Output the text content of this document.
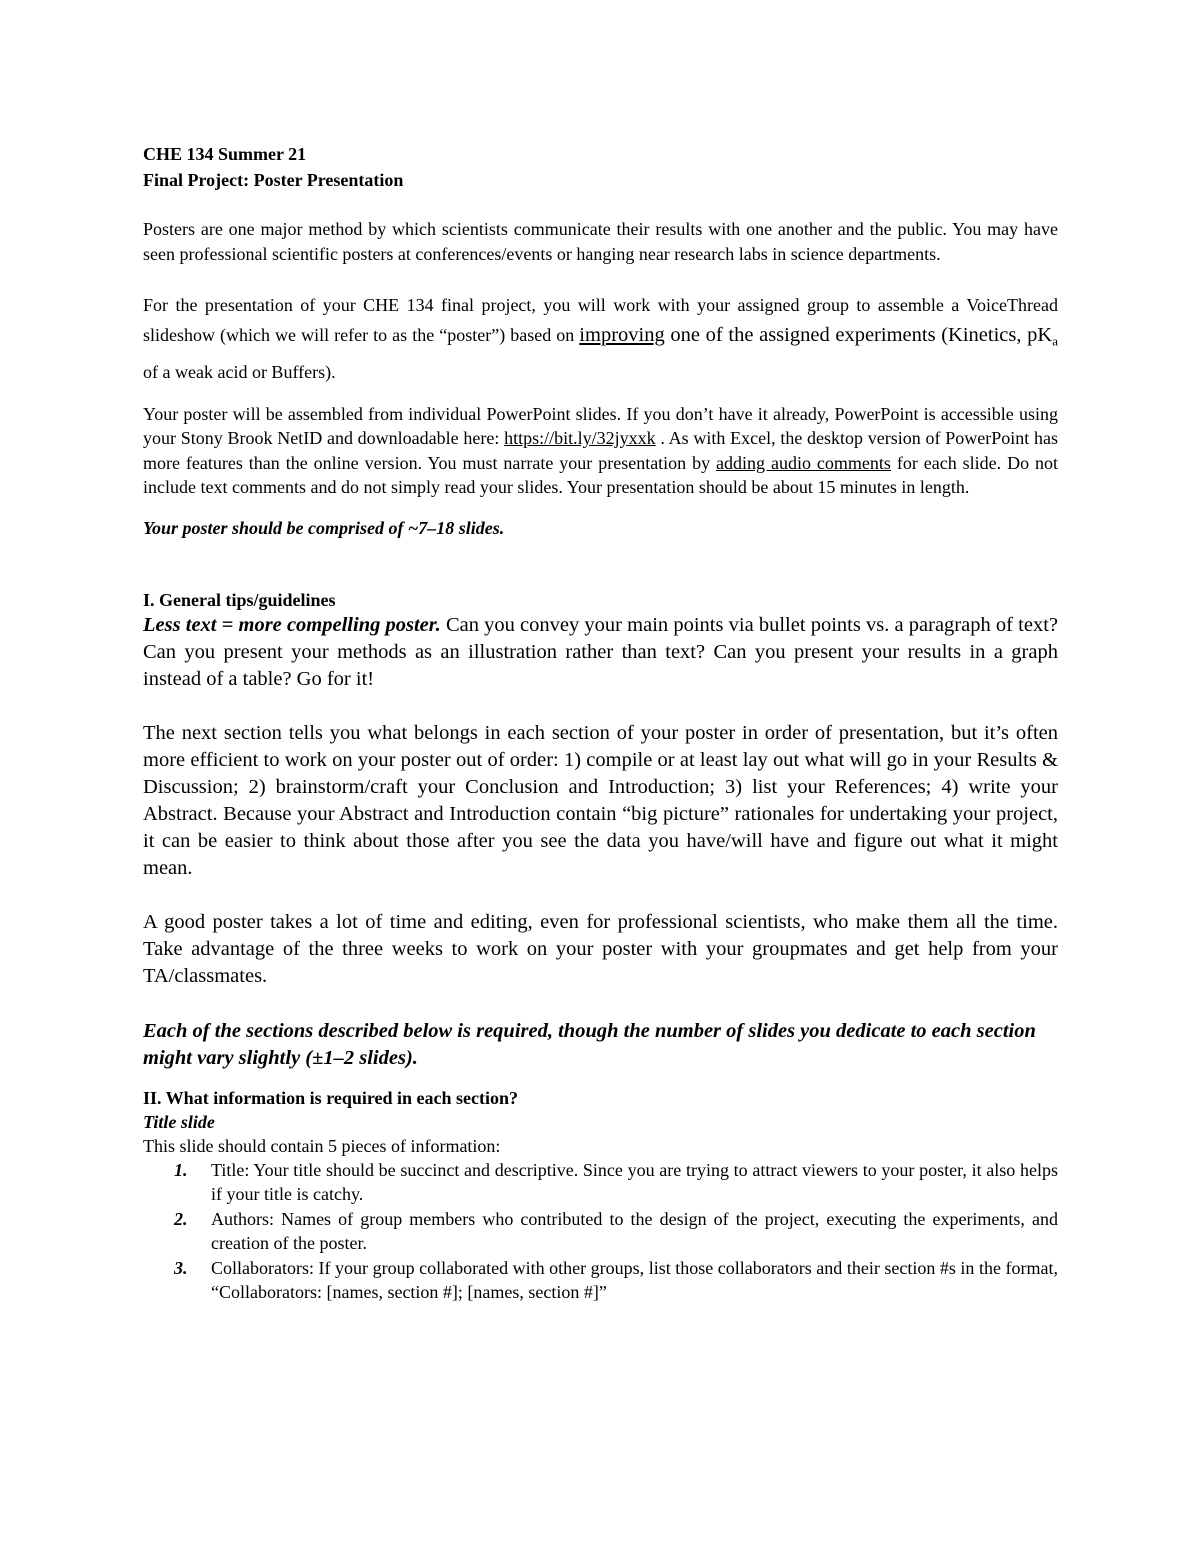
CHE 134 Summer 21
Final Project: Poster Presentation

Posters are one major method by which scientists communicate their results with one another and the public. You may have seen professional scientific posters at conferences/events or hanging near research labs in science departments.

For the presentation of your CHE 134 final project, you will work with your assigned group to assemble a VoiceThread slideshow (which we will refer to as the “poster”) based on improving one of the assigned experiments (Kinetics, $pK_a$ of a weak acid or Buffers).

Your poster will be assembled from individual PowerPoint slides. If you don’t have it already, PowerPoint is accessible using your Stony Brook NetID and downloadable here: https://bit.ly/32jyxxk . As with Excel, the desktop version of PowerPoint has more features than the online version. You must narrate your presentation by adding audio comments for each slide. Do not include text comments and do not simply read your slides. Your presentation should be about 15 minutes in length.

Your poster should be comprised of ~7–18 slides.
I. General tips/guidelines

Less text = more compelling poster. Can you convey your main points via bullet points vs. a paragraph of text? Can you present your methods as an illustration rather than text? Can you present your results in a graph instead of a table? Go for it!

The next section tells you what belongs in each section of your poster in order of presentation, but it’s often more efficient to work on your poster out of order: 1) compile or at least lay out what will go in your Results & Discussion; 2) brainstorm/craft your Conclusion and Introduction; 3) list your References; 4) write your Abstract. Because your Abstract and Introduction contain “big picture” rationales for undertaking your project, it can be easier to think about those after you see the data you have/will have and figure out what it might mean.

A good poster takes a lot of time and editing, even for professional scientists, who make them all the time. Take advantage of the three weeks to work on your poster with your groupmates and get help from your TA/classmates.

Each of the sections described below is required, though the number of slides you dedicate to each section might vary slightly (±1–2 slides).
II. What information is required in each section?
Title slide
This slide should contain 5 pieces of information:
1. Title: Your title should be succinct and descriptive. Since you are trying to attract viewers to your poster, it also helps if your title is catchy.
2. Authors: Names of group members who contributed to the design of the project, executing the experiments, and creation of the poster.
3. Collaborators: If your group collaborated with other groups, list those collaborators and their section #s in the format, “Collaborators: [names, section #]; [names, section #]”
